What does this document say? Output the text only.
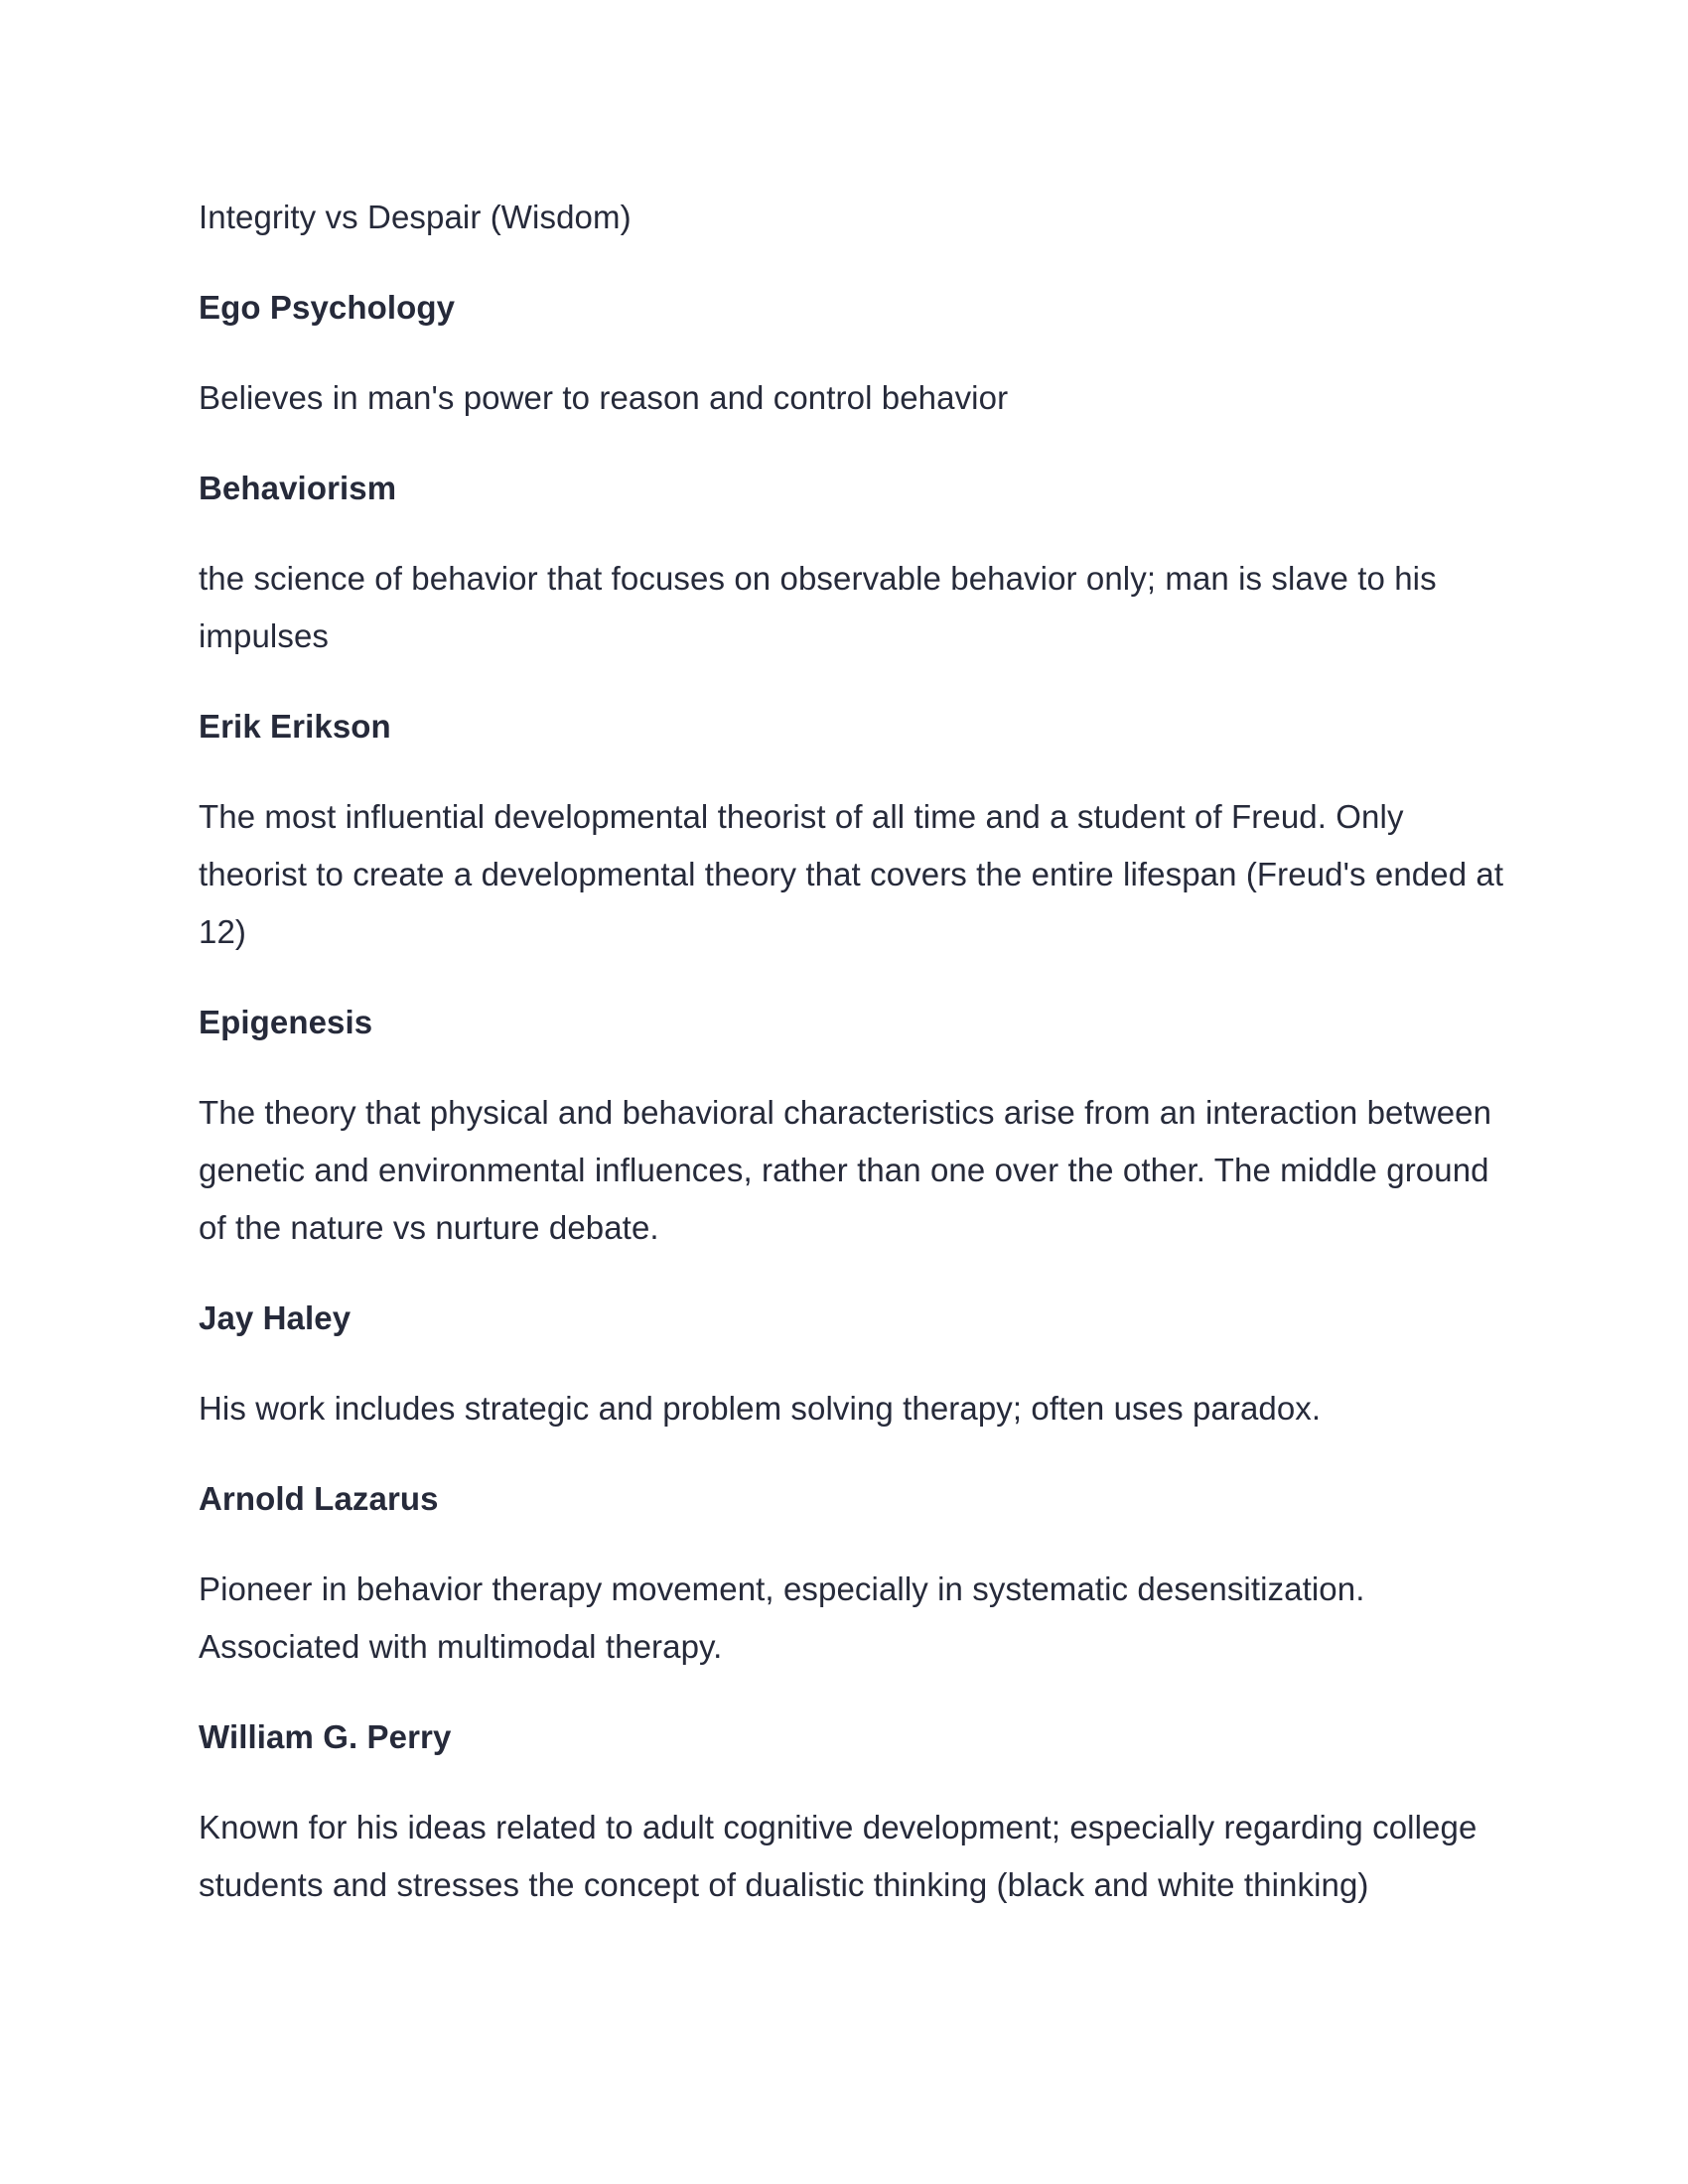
Integrity vs Despair (Wisdom)

Ego Psychology

Believes in man's power to reason and control behavior

Behaviorism

the science of behavior that focuses on observable behavior only; man is slave to his impulses

Erik Erikson

The most influential developmental theorist of all time and a student of Freud. Only theorist to create a developmental theory that covers the entire lifespan (Freud's ended at 12)

Epigenesis

The theory that physical and behavioral characteristics arise from an interaction between genetic and environmental influences, rather than one over the other. The middle ground of the nature vs nurture debate.

Jay Haley

His work includes strategic and problem solving therapy; often uses paradox.

Arnold Lazarus

Pioneer in behavior therapy movement, especially in systematic desensitization. Associated with multimodal therapy.

William G. Perry

Known for his ideas related to adult cognitive development; especially regarding college students and stresses the concept of dualistic thinking (black and white thinking)
